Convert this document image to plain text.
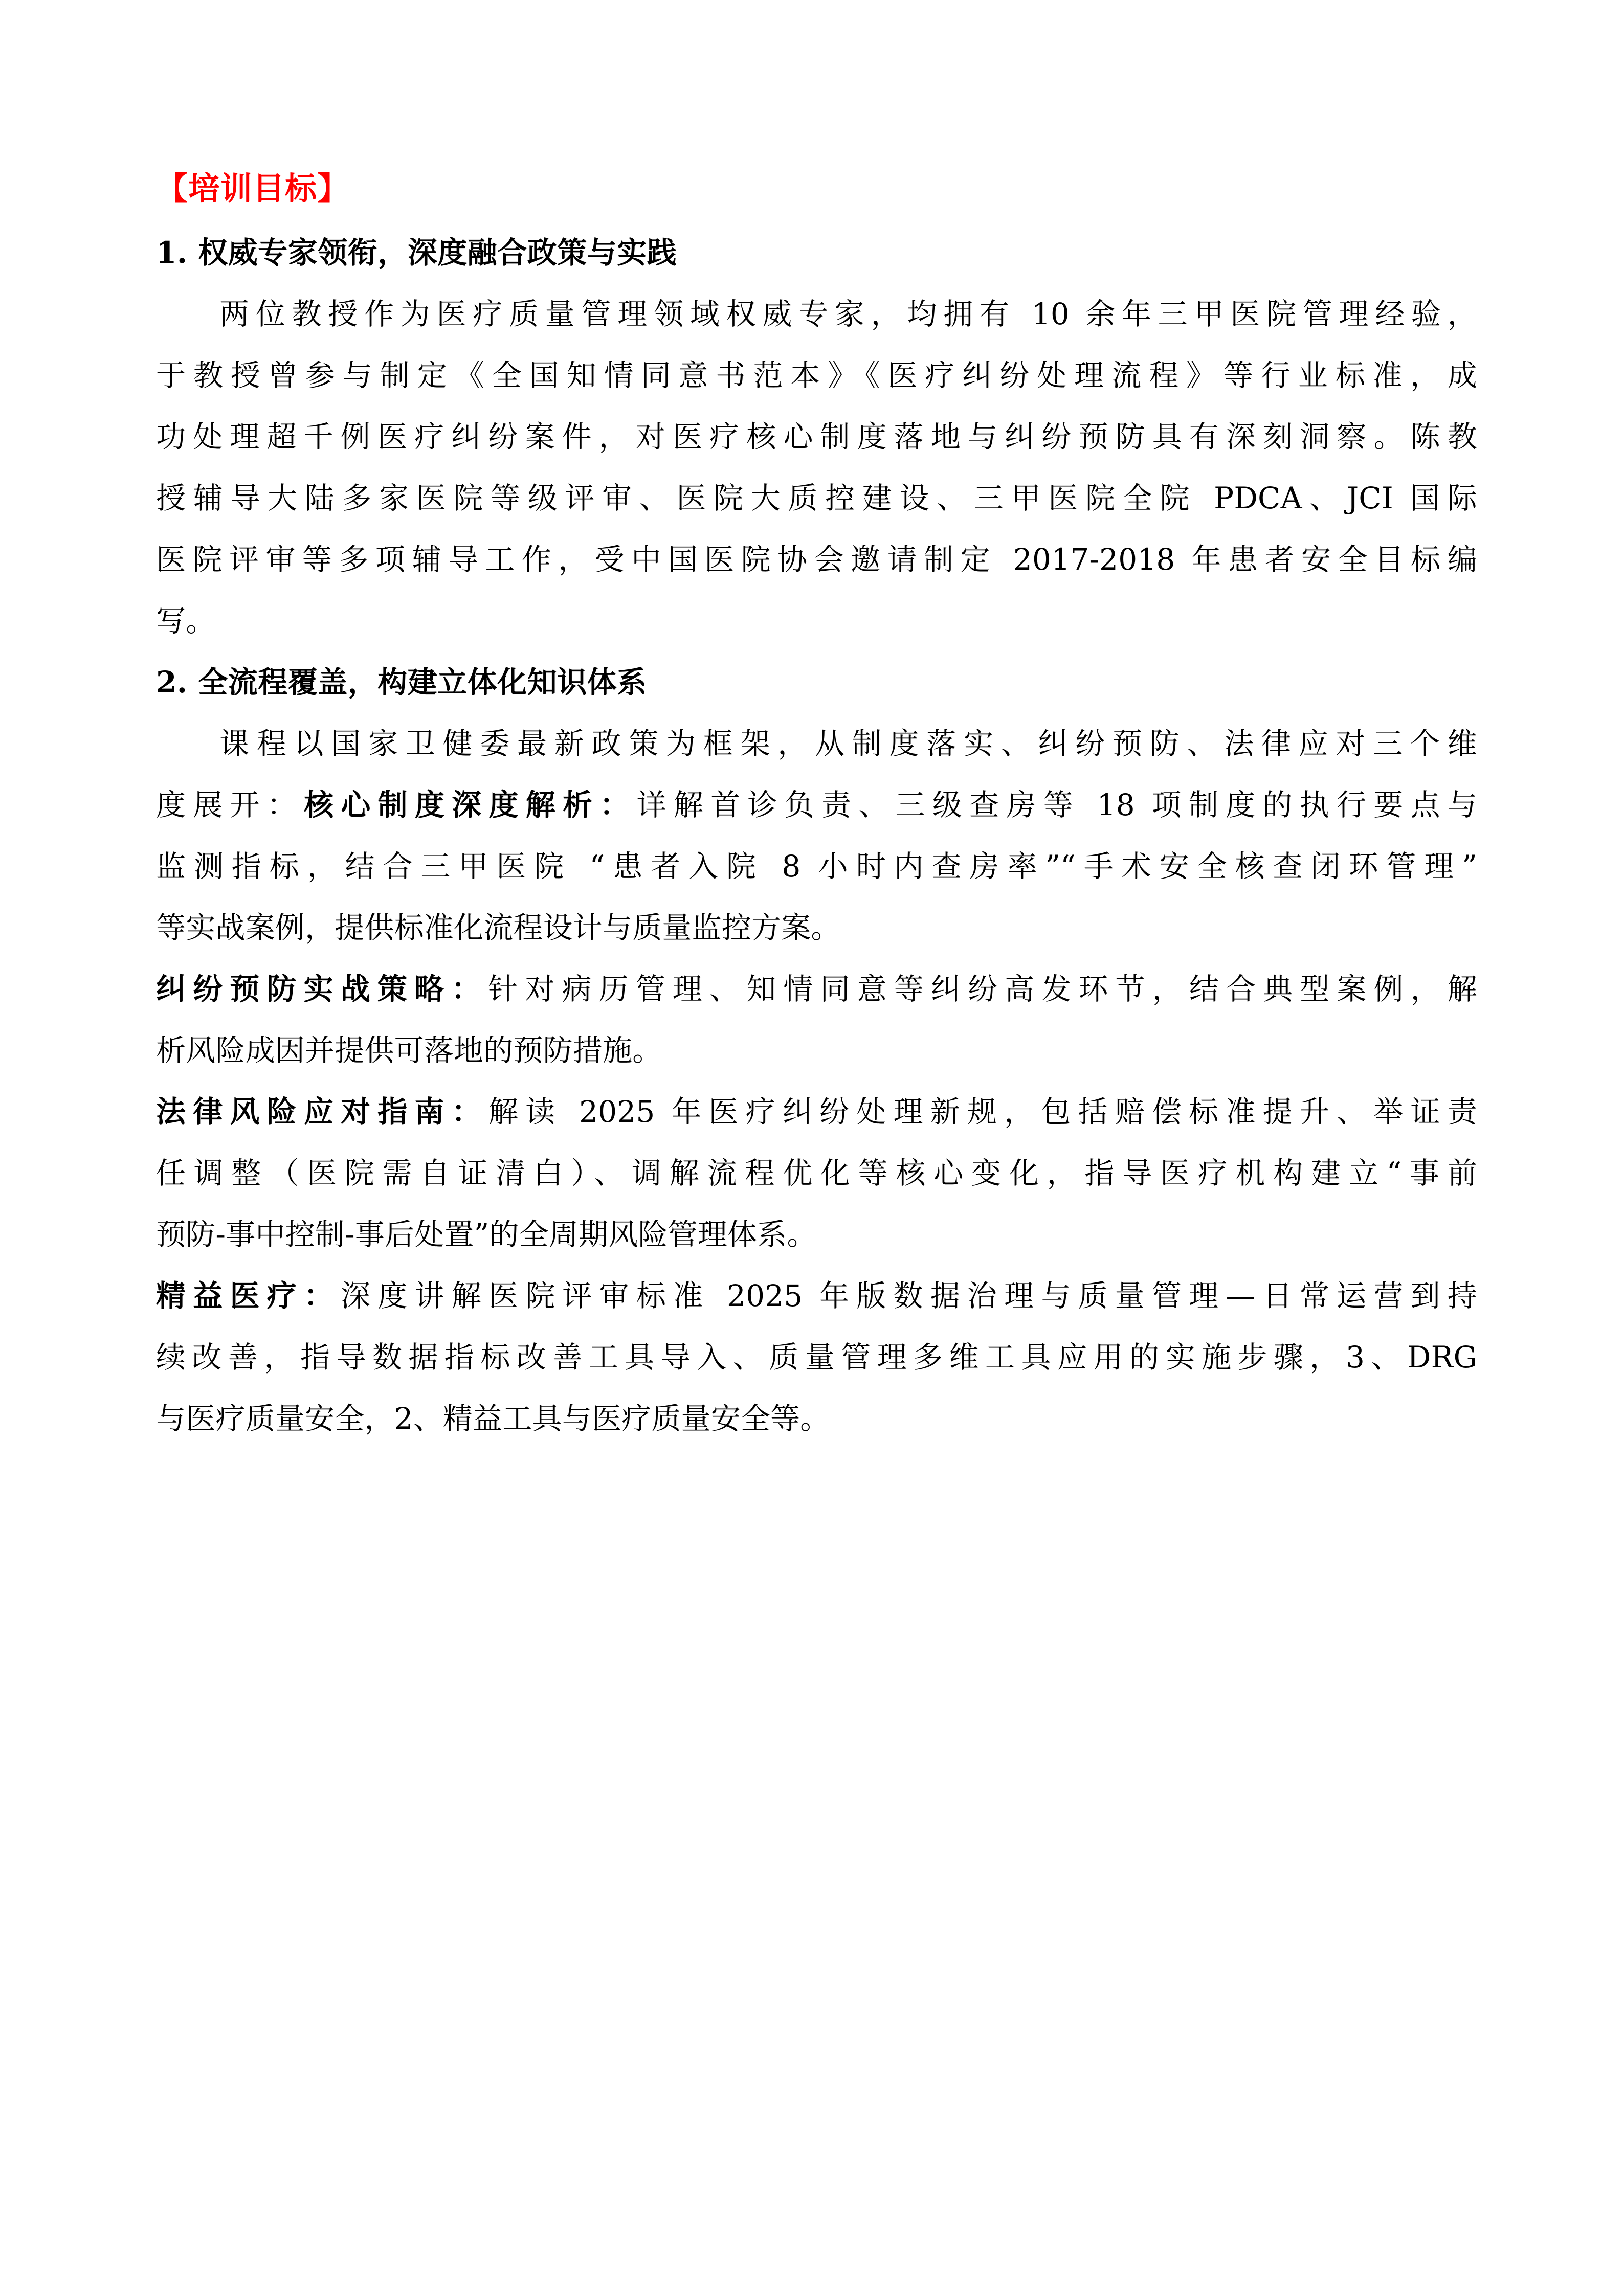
【培训目标】

1. 权威专家领衔，深度融合政策与实践

两位教授作为医疗质量管理领域权威专家，均拥有 10 余年三甲医院管理经验，
于教授曾参与制定《全国知情同意书范本》《医疗纠纷处理流程》等行业标准，成
功处理超千例医疗纠纷案件，对医疗核心制度落地与纠纷预防具有深刻洞察。陈教
授辅导大陆多家医院等级评审、医院大质控建设、三甲医院全院 PDCA、JCI 国际
医院评审等多项辅导工作，受中国医院协会邀请制定 2017-2018 年患者安全目标编
写。

2. 全流程覆盖，构建立体化知识体系

课程以国家卫健委最新政策为框架，从制度落实、纠纷预防、法律应对三个维
度展开：核心制度深度解析：详解首诊负责、三级查房等 18 项制度的执行要点与
监测指标，结合三甲医院 “患者入院 8 小时内查房率”“手术安全核查闭环管理”
等实战案例，提供标准化流程设计与质量监控方案。

纠纷预防实战策略：针对病历管理、知情同意等纠纷高发环节，结合典型案例，解
析风险成因并提供可落地的预防措施。

法律风险应对指南：解读 2025 年医疗纠纷处理新规，包括赔偿标准提升、举证责
任调整（医院需自证清白）、调解流程优化等核心变化，指导医疗机构建立“事前
预防-事中控制-事后处置”的全周期风险管理体系。

精益医疗：深度讲解医院评审标准 2025 年版数据治理与质量管理—日常运营到持
续改善，指导数据指标改善工具导入、质量管理多维工具应用的实施步骤，3、DRG
与医疗质量安全，2、精益工具与医疗质量安全等。
